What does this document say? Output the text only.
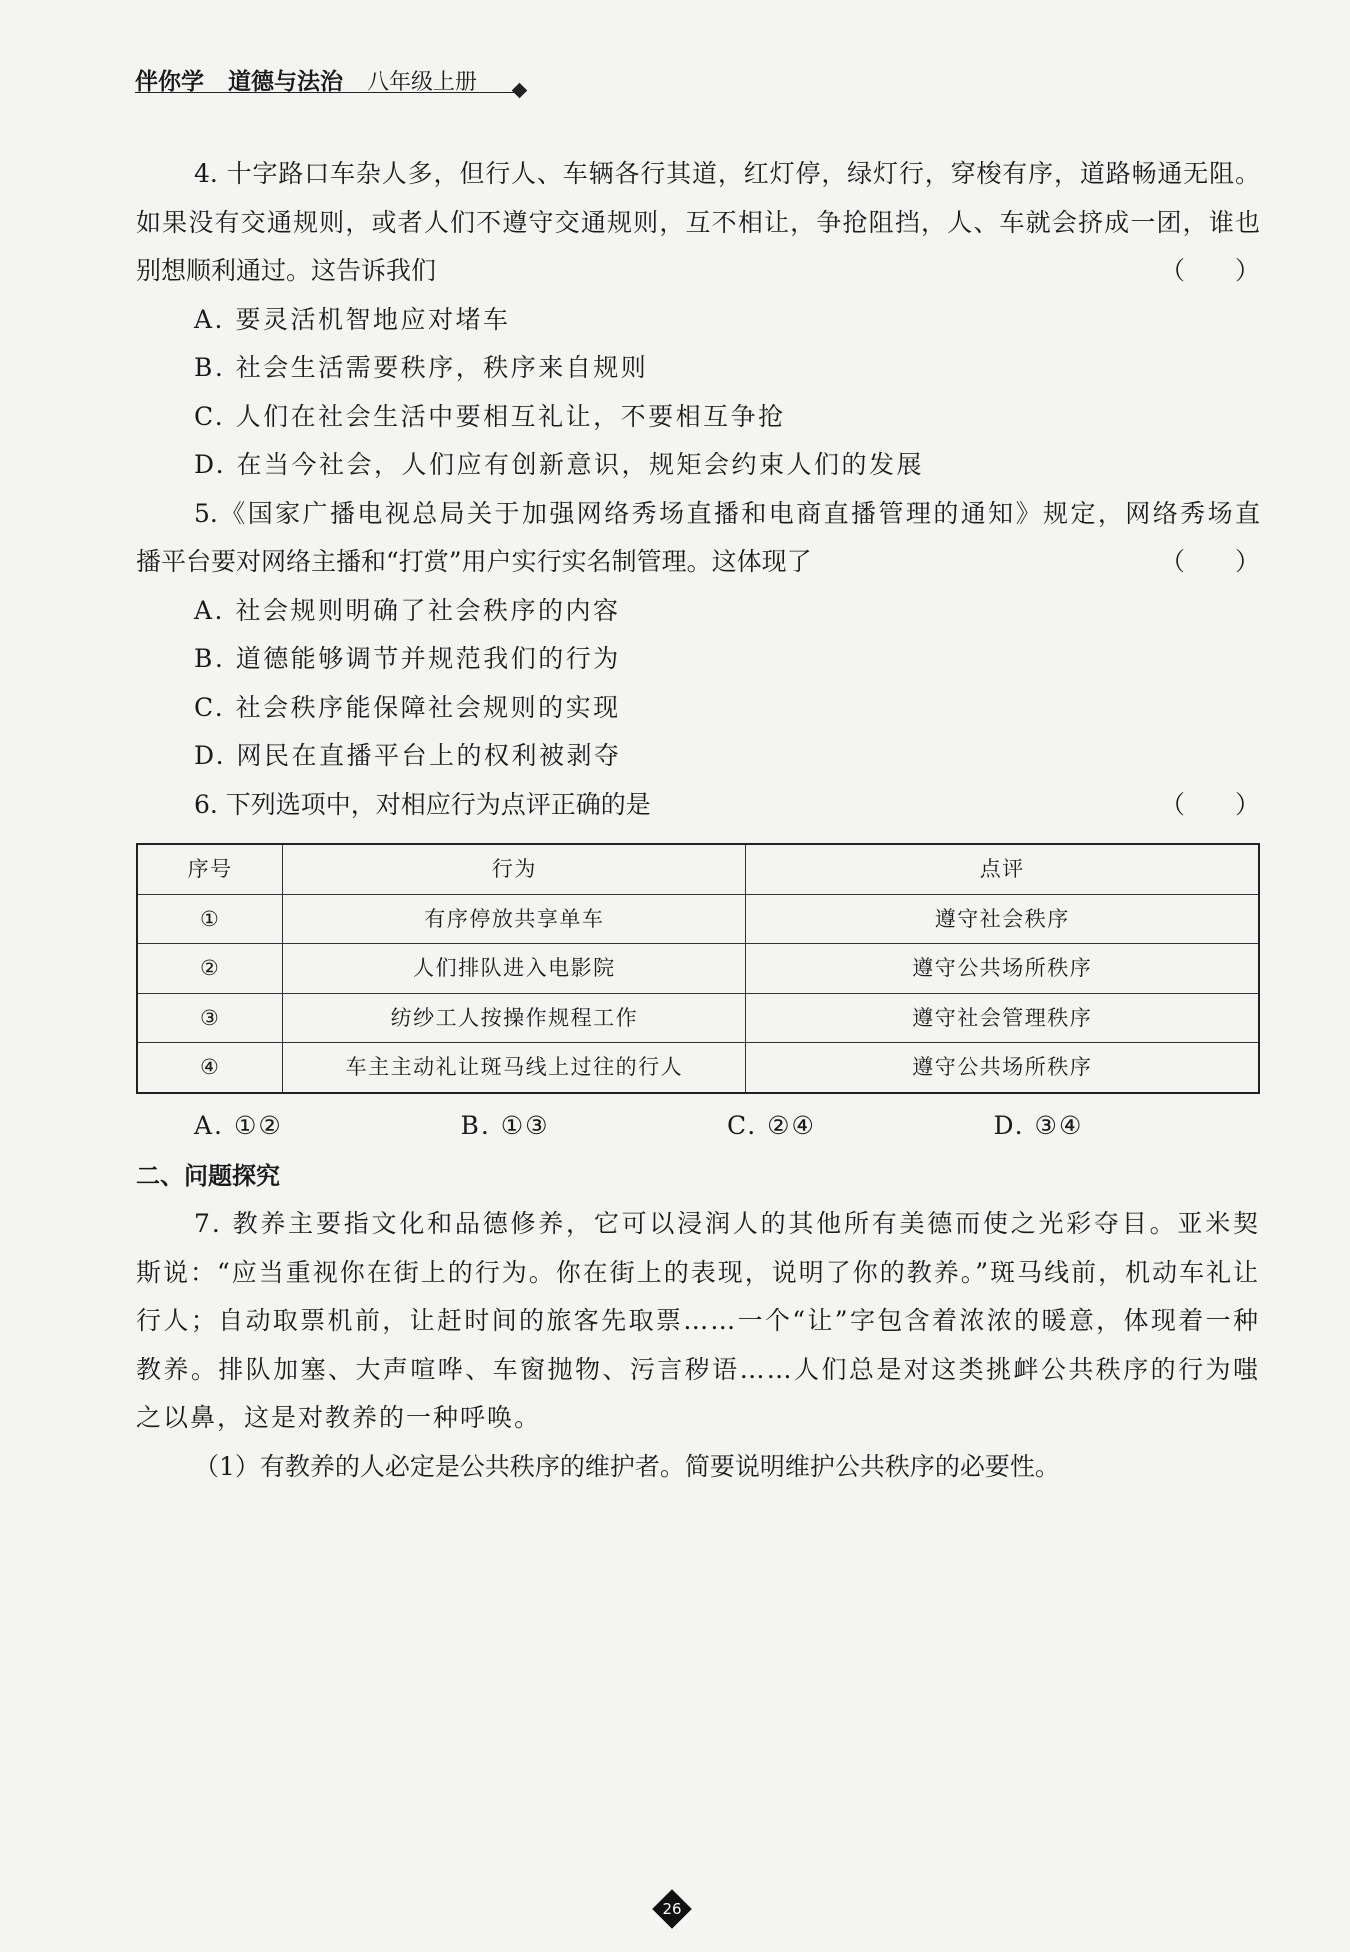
伴你学 道德与法治 八年级上册
4. 十字路口车杂人多，但行人、车辆各行其道，红灯停，绿灯行，穿梭有序，道路畅通无阻。
如果没有交通规则，或者人们不遵守交通规则，互不相让，争抢阻挡，人、车就会挤成一团，谁也
别想顺利通过。这告诉我们	（　　）
A. 要灵活机智地应对堵车
B. 社会生活需要秩序，秩序来自规则
C. 人们在社会生活中要相互礼让，不要相互争抢
D. 在当今社会，人们应有创新意识，规矩会约束人们的发展
5.《国家广播电视总局关于加强网络秀场直播和电商直播管理的通知》规定，网络秀场直
播平台要对网络主播和“打赏”用户实行实名制管理。这体现了	（　　）
A. 社会规则明确了社会秩序的内容
B. 道德能够调节并规范我们的行为
C. 社会秩序能保障社会规则的实现
D. 网民在直播平台上的权利被剥夺
6. 下列选项中，对相应行为点评正确的是	（　　）
序号	行为	点评
①	有序停放共享单车	遵守社会秩序
②	人们排队进入电影院	遵守公共场所秩序
③	纺纱工人按操作规程工作	遵守社会管理秩序
④	车主主动礼让斑马线上过往的行人	遵守公共场所秩序
A. ①②	B. ①③	C. ②④	D. ③④
二、问题探究
7. 教养主要指文化和品德修养，它可以浸润人的其他所有美德而使之光彩夺目。亚米契
斯说：“应当重视你在街上的行为。你在街上的表现，说明了你的教养。”斑马线前，机动车礼让
行人；自动取票机前，让赶时间的旅客先取票……一个“让”字包含着浓浓的暖意，体现着一种
教养。排队加塞、大声喧哗、车窗抛物、污言秽语……人们总是对这类挑衅公共秩序的行为嗤
之以鼻，这是对教养的一种呼唤。
（1）有教养的人必定是公共秩序的维护者。简要说明维护公共秩序的必要性。
26
